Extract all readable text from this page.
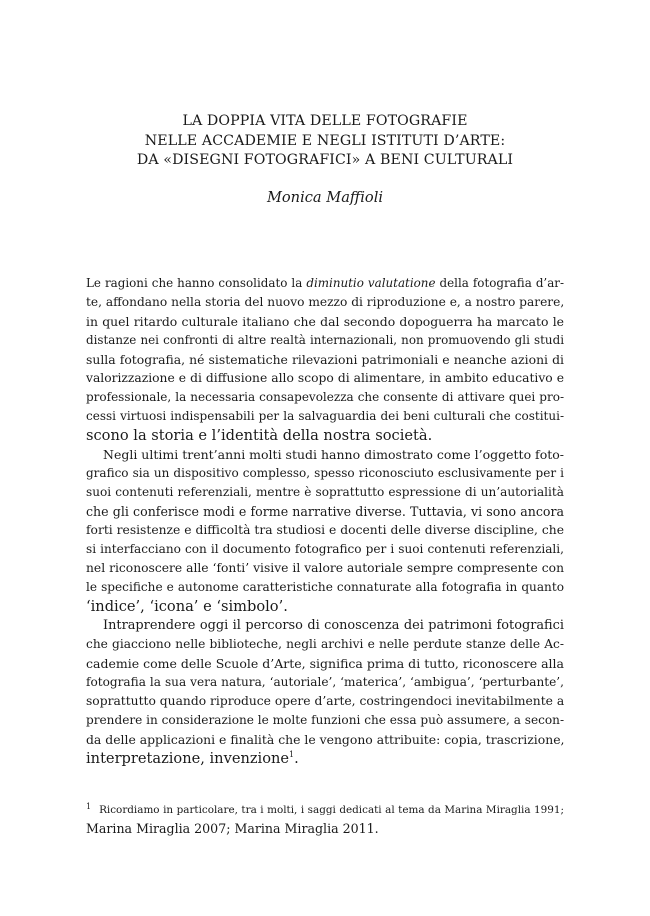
LA DOPPIA VITA DELLE FOTOGRAFIE
NELLE ACCADEMIE E NEGLI ISTITUTI D’ARTE:
DA «DISEGNI FOTOGRAFICI» A BENI CULTURALI
Monica Maffioli
Le ragioni che hanno consolidato la diminutio valutatione della fotografia d’ar-
te, affondano nella storia del nuovo mezzo di riproduzione e, a nostro parere,
in quel ritardo culturale italiano che dal secondo dopoguerra ha marcato le
distanze nei confronti di altre realtà internazionali, non promuovendo gli studi
sulla fotografia, né sistematiche rilevazioni patrimoniali e neanche azioni di
valorizzazione e di diffusione allo scopo di alimentare, in ambito educativo e
professionale, la necessaria consapevolezza che consente di attivare quei pro-
cessi virtuosi indispensabili per la salvaguardia dei beni culturali che costitui-
scono la storia e l’identità della nostra società.
Negli ultimi trent’anni molti studi hanno dimostrato come l’oggetto foto-
grafico sia un dispositivo complesso, spesso riconosciuto esclusivamente per i
suoi contenuti referenziali, mentre è soprattutto espressione di un’autorialità
che gli conferisce modi e forme narrative diverse. Tuttavia, vi sono ancora
forti resistenze e difficoltà tra studiosi e docenti delle diverse discipline, che
si interfacciano con il documento fotografico per i suoi contenuti referenziali,
nel riconoscere alle ‘fonti’ visive il valore autoriale sempre compresente con
le specifiche e autonome caratteristiche connaturate alla fotografia in quanto
‘indice’, ‘icona’ e ‘simbolo’.
Intraprendere oggi il percorso di conoscenza dei patrimoni fotografici
che giacciono nelle biblioteche, negli archivi e nelle perdute stanze delle Ac-
cademie come delle Scuole d’Arte, significa prima di tutto, riconoscere alla
fotografia la sua vera natura, ‘autoriale’, ‘materica’, ‘ambigua’, ‘perturbante’,
soprattutto quando riproduce opere d’arte, costringendoci inevitabilmente a
prendere in considerazione le molte funzioni che essa può assumere, a secon-
da delle applicazioni e finalità che le vengono attribuite: copia, trascrizione,
interpretazione, invenzione$^1$.
$^1$ Ricordiamo in particolare, tra i molti, i saggi dedicati al tema da Marina Miraglia 1991;
Marina Miraglia 2007; Marina Miraglia 2011.
